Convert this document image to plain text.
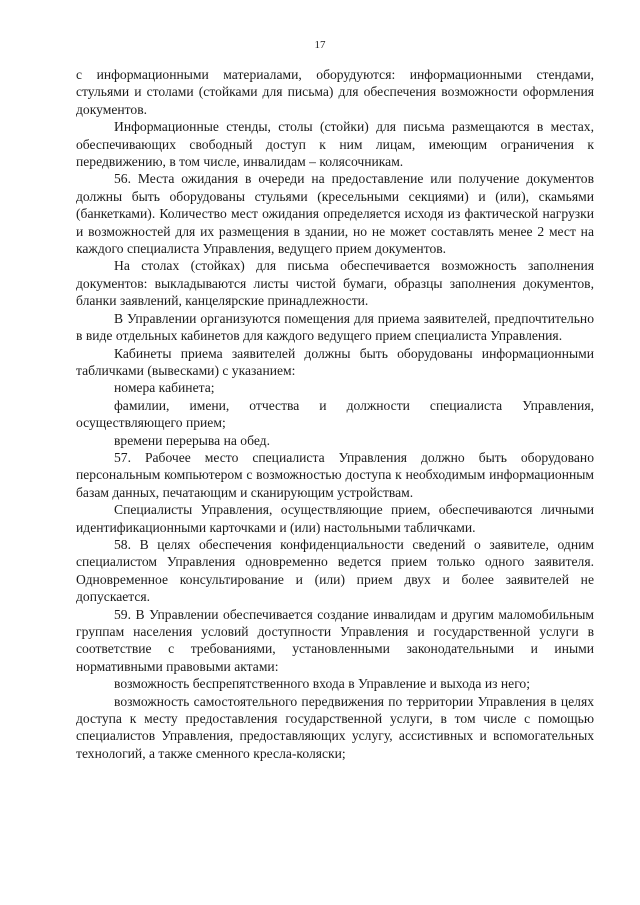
17

с информационными материалами, оборудуются: информационными стендами, стульями и столами (стойками для письма) для обеспечения возможности оформления документов.

Информационные стенды, столы (стойки) для письма размещаются в местах, обеспечивающих свободный доступ к ним лицам, имеющим ограничения к передвижению, в том числе, инвалидам – колясочникам.

56. Места ожидания в очереди на предоставление или получение документов должны быть оборудованы стульями (кресельными секциями) и (или), скамьями (банкетками). Количество мест ожидания определяется исходя из фактической нагрузки и возможностей для их размещения в здании, но не может составлять менее 2 мест на каждого специалиста Управления, ведущего прием документов.

На столах (стойках) для письма обеспечивается возможность заполнения документов: выкладываются листы чистой бумаги, образцы заполнения документов, бланки заявлений, канцелярские принадлежности.

В Управлении организуются помещения для приема заявителей, предпочтительно в виде отдельных кабинетов для каждого ведущего прием специалиста Управления.

Кабинеты приема заявителей должны быть оборудованы информационными табличками (вывесками) с указанием:

номера кабинета;

фамилии, имени, отчества и должности специалиста Управления, осуществляющего прием;

времени перерыва на обед.

57. Рабочее место специалиста Управления должно быть оборудовано персональным компьютером с возможностью доступа к необходимым информационным базам данных, печатающим и сканирующим устройствам.

Специалисты Управления, осуществляющие прием, обеспечиваются личными идентификационными карточками и (или) настольными табличками.

58. В целях обеспечения конфиденциальности сведений о заявителе, одним специалистом Управления одновременно ведется прием только одного заявителя. Одновременное консультирование и (или) прием двух и более заявителей не допускается.

59. В Управлении обеспечивается создание инвалидам и другим маломобильным группам населения условий доступности Управления и государственной услуги в соответствие с требованиями, установленными законодательными и иными нормативными правовыми актами:

возможность беспрепятственного входа в Управление и выхода из него;

возможность самостоятельного передвижения по территории Управления в целях доступа к месту предоставления государственной услуги, в том числе с помощью специалистов Управления, предоставляющих услугу, ассистивных и вспомогательных технологий, а также сменного кресла-коляски;
